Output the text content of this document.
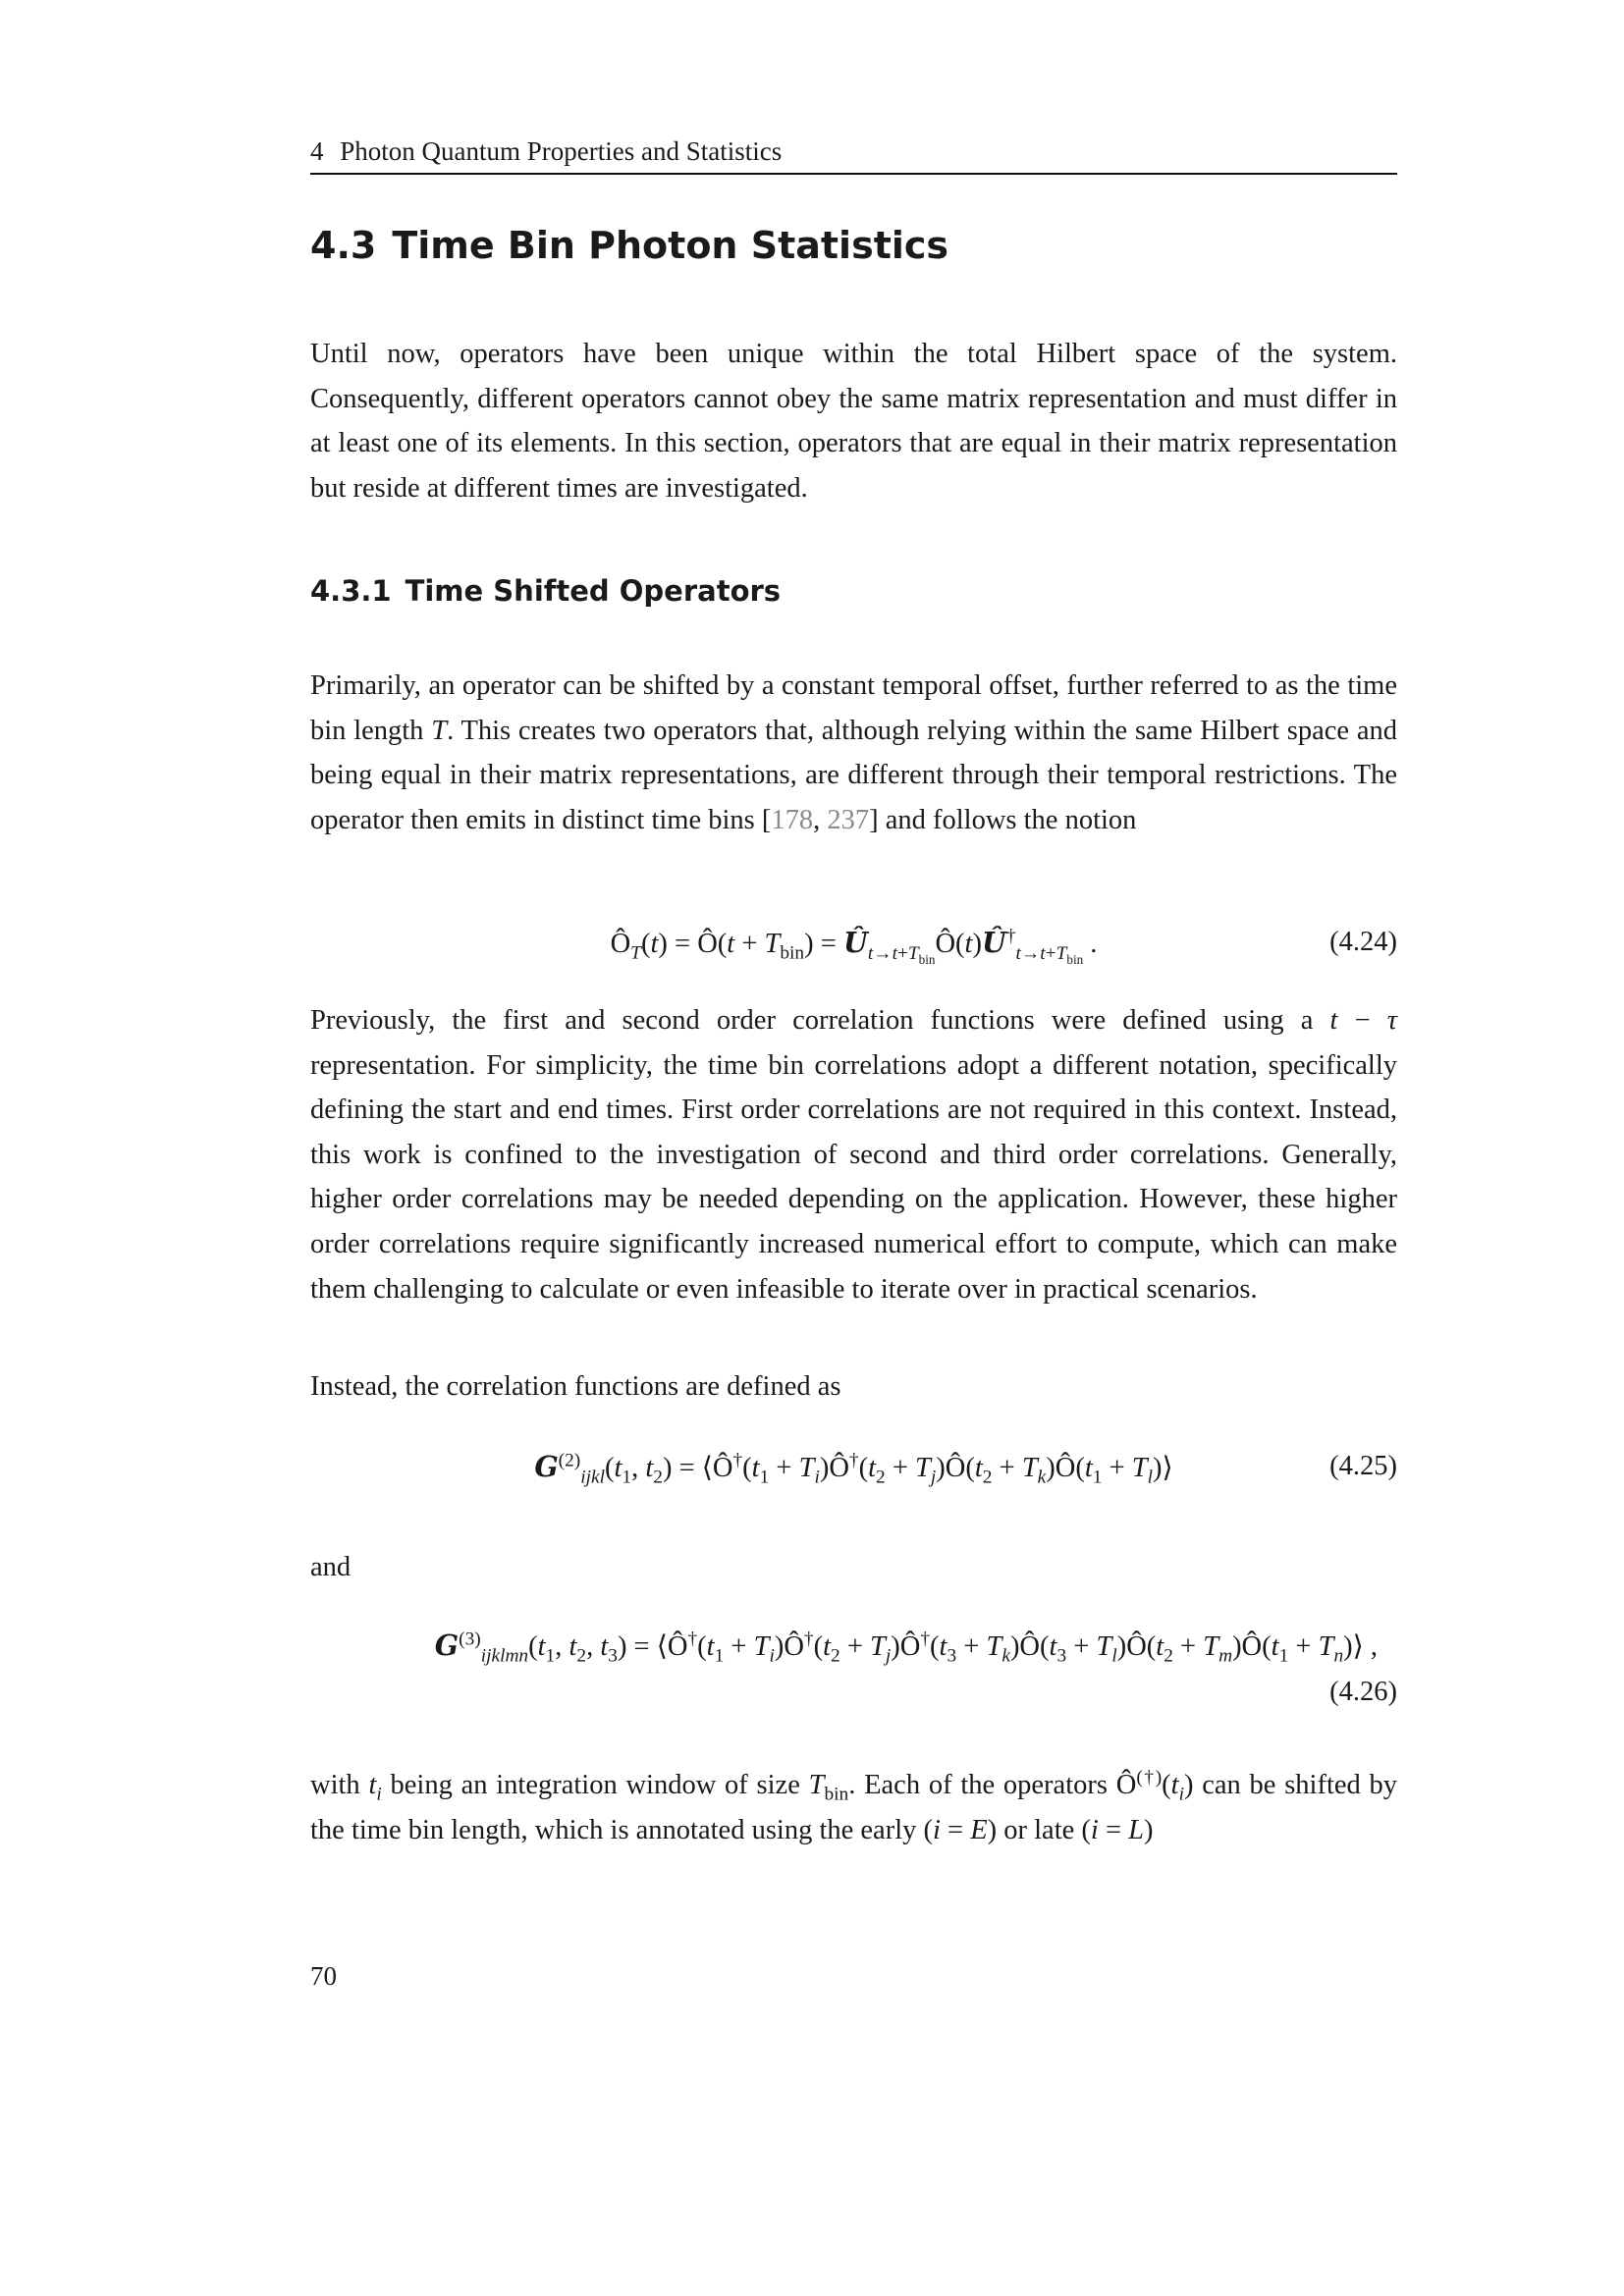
4 Photon Quantum Properties and Statistics
4.3 Time Bin Photon Statistics

Until now, operators have been unique within the total Hilbert space of the system. Consequently, different operators cannot obey the same matrix representation and must differ in at least one of its elements. In this section, operators that are equal in their matrix representation but reside at different times are investigated.

4.3.1 Time Shifted Operators

Primarily, an operator can be shifted by a constant temporal offset, further referred to as the time bin length T. This creates two operators that, although relying within the same Hilbert space and being equal in their matrix representations, are different through their temporal restrictions. The operator then emits in distinct time bins [178, 237] and follows the notion

$Ô_T(t)$ = Ô(t + $T_{bin}$) = $Û_{t\to t+T_{bin}}Ô(t)Û^\dagger_{t\to t+T_{bin}}$ .	(4.24)

Previously, the first and second order correlation functions were defined using a t − τ representation. For simplicity, the time bin correlations adopt a different notation, specifically defining the start and end times. First order correlations are not required in this context. Instead, this work is confined to the investigation of second and third order correlations. Generally, higher order correlations may be needed depending on the application. However, these higher order correlations require significantly increased numerical effort to compute, which can make them challenging to calculate or even infeasible to iterate over in practical scenarios.

Instead, the correlation functions are defined as

$G^{(2)}_{ijkl}(t_1$, $t_2$) = $⟨Ô^\dagger(t_1$ + $T_i)Ô^\dagger(t_2$ + $T_j)Ô(t_2$ + $T_k)Ô(t_1$ + $T_l)⟩$	(4.25)

and

$G^{(3)}_{ijklmn}(t_1$, $t_2$, $t_3$) = $⟨Ô^\dagger(t_1$ + $T_i)Ô^\dagger(t_2$ + $T_j)Ô^\dagger(t_3$ + $T_k)Ô(t_3$ + $T_l)Ô(t_2$ + $T_m)Ô(t_1$ + $T_n)⟩$ ,
(4.26)

with $t_i$ being an integration window of size $T_{bin}$. Each of the operators $Ô^{(\dagger)}(t_i)$ can be shifted by the time bin length, which is annotated using the early (i = E) or late (i = L)

70
